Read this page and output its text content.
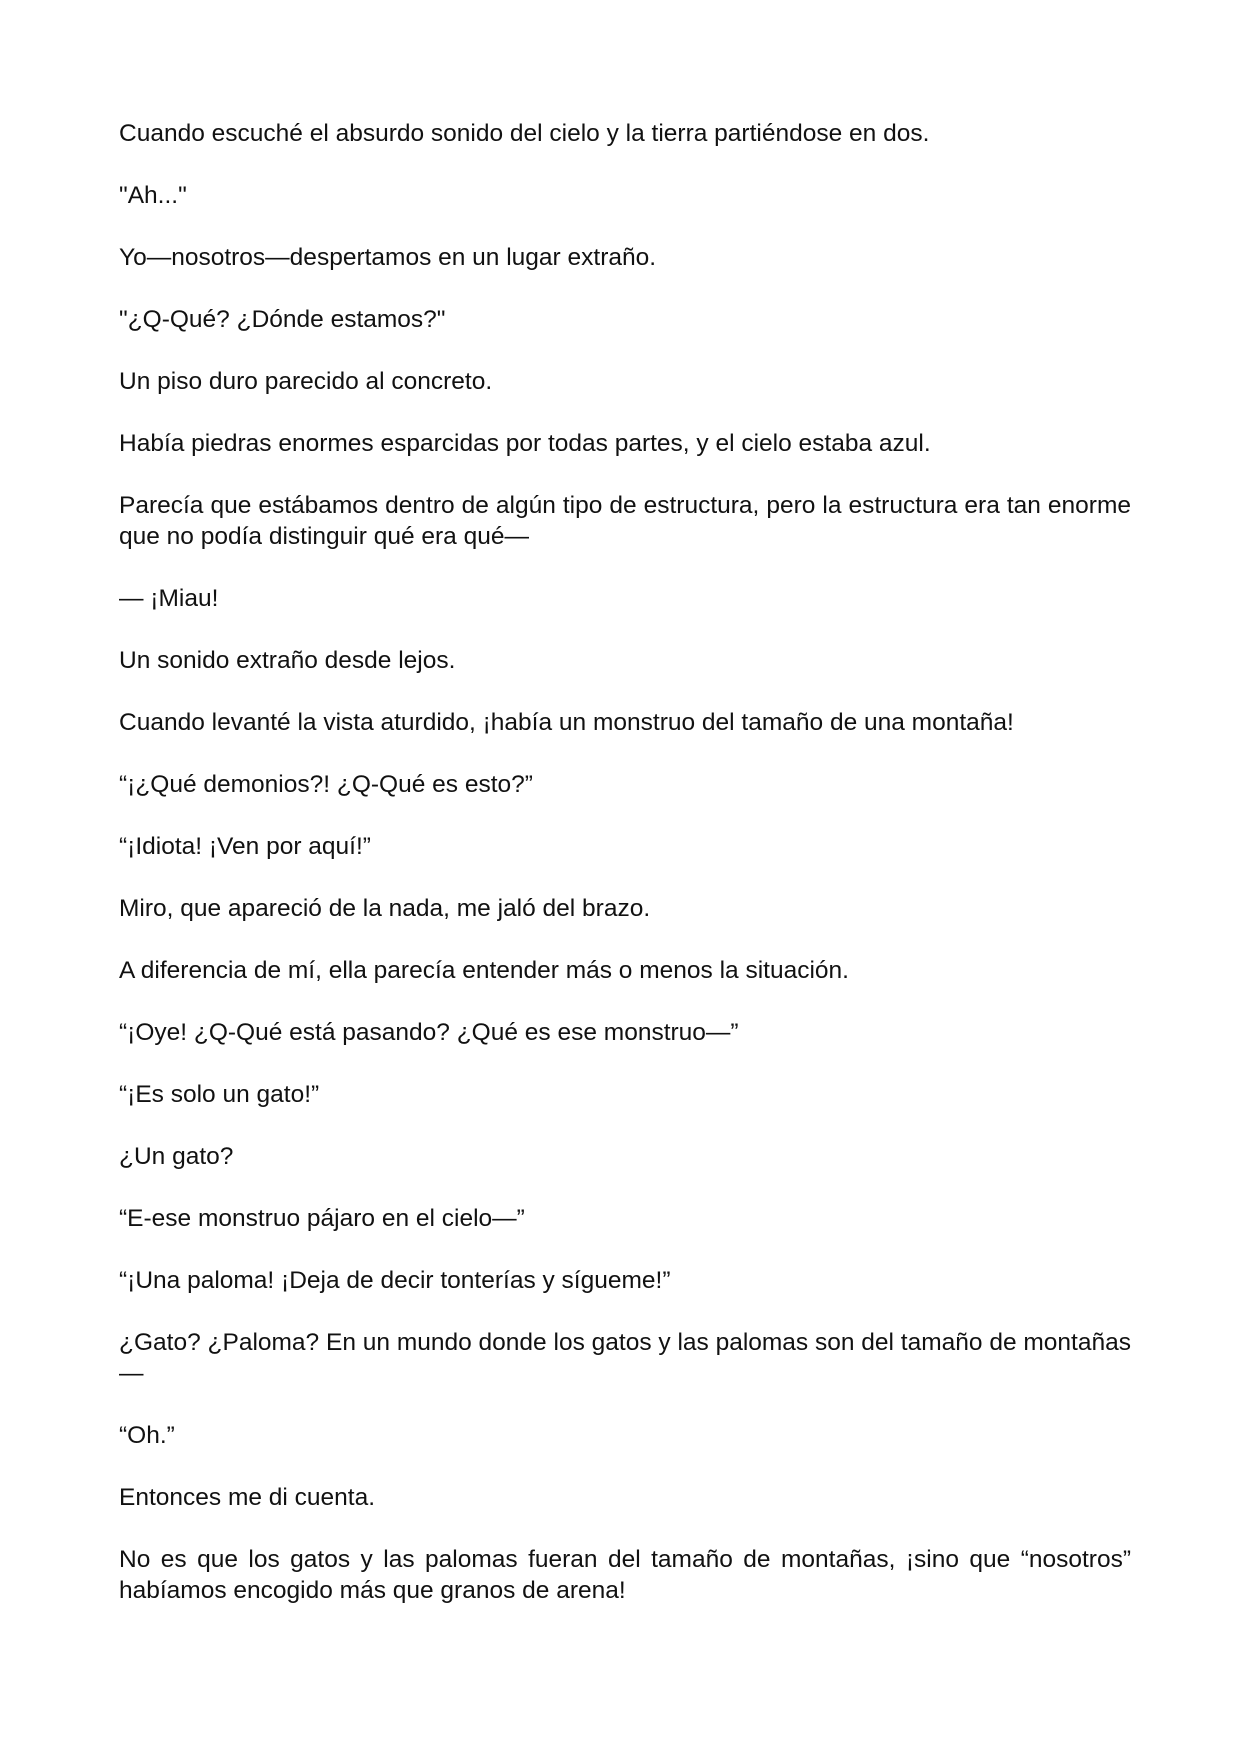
Cuando escuché el absurdo sonido del cielo y la tierra partiéndose en dos.

"Ah..."

Yo—nosotros—despertamos en un lugar extraño.

"¿Q-Qué? ¿Dónde estamos?"

Un piso duro parecido al concreto.

Había piedras enormes esparcidas por todas partes, y el cielo estaba azul.

Parecía que estábamos dentro de algún tipo de estructura, pero la estructura era tan enorme que no podía distinguir qué era qué—

— ¡Miau!

Un sonido extraño desde lejos.

Cuando levanté la vista aturdido, ¡había un monstruo del tamaño de una montaña!

“¡¿Qué demonios?! ¿Q-Qué es esto?”

“¡Idiota! ¡Ven por aquí!”

Miro, que apareció de la nada, me jaló del brazo.

A diferencia de mí, ella parecía entender más o menos la situación.

“¡Oye! ¿Q-Qué está pasando? ¿Qué es ese monstruo—”

“¡Es solo un gato!”

¿Un gato?

“E-ese monstruo pájaro en el cielo—”

“¡Una paloma! ¡Deja de decir tonterías y sígueme!”

¿Gato? ¿Paloma? En un mundo donde los gatos y las palomas son del tamaño de montañas—

“Oh.”

Entonces me di cuenta.

No es que los gatos y las palomas fueran del tamaño de montañas, ¡sino que “nosotros” habíamos encogido más que granos de arena!
